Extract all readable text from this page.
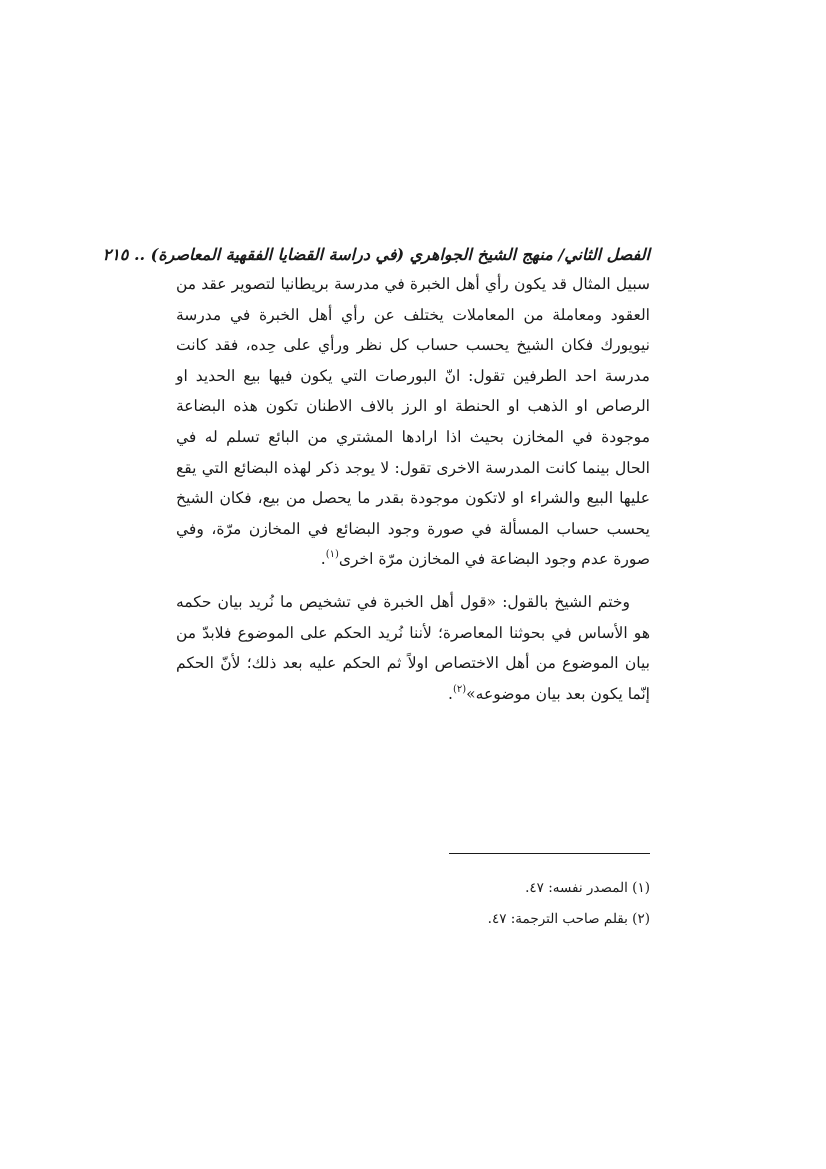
الفصل الثاني/ منهج الشيخ الجواهري (في دراسة القضايا الفقهية المعاصرة) .. ٢١٥

سبيل المثال قد يكون رأي أهل الخبرة في مدرسة بريطانيا لتصوير عقد من العقود ومعاملة من المعاملات يختلف عن رأي أهل الخبرة في مدرسة نيويورك فكان الشيخ يحسب حساب كل نظر ورأي على حِده، فقد كانت مدرسة احد الطرفين تقول: انّ البورصات التي يكون فيها بيع الحديد او الرصاص او الذهب او الحنطة او الرز بالاف الاطنان تكون هذه البضاعة موجودة في المخازن بحيث اذا ارادها المشتري من البائع تسلم له في الحال بينما كانت المدرسة الاخرى تقول: لا يوجد ذكر لهذه البضائع التي يقع عليها البيع والشراء او لاتكون موجودة بقدر ما يحصل من بيع، فكان الشيخ يحسب حساب المسألة في صورة وجود البضائع في المخازن مرّة، وفي صورة عدم وجود البضاعة في المخازن مرّة اخرى$^{(١)}$.

وختم الشيخ بالقول: «قول أهل الخبرة في تشخيص ما نُريد بيان حكمه هو الأساس في بحوثنا المعاصرة؛ لأننا نُريد الحكم على الموضوع فلابدّ من بيان الموضوع من أهل الاختصاص اولاً ثم الحكم عليه بعد ذلك؛ لأنّ الحكم إنّما يكون بعد بيان موضوعه»$^{(٢)}$.

(١) المصدر نفسه: ٤٧.
(٢) بقلم صاحب الترجمة: ٤٧.
